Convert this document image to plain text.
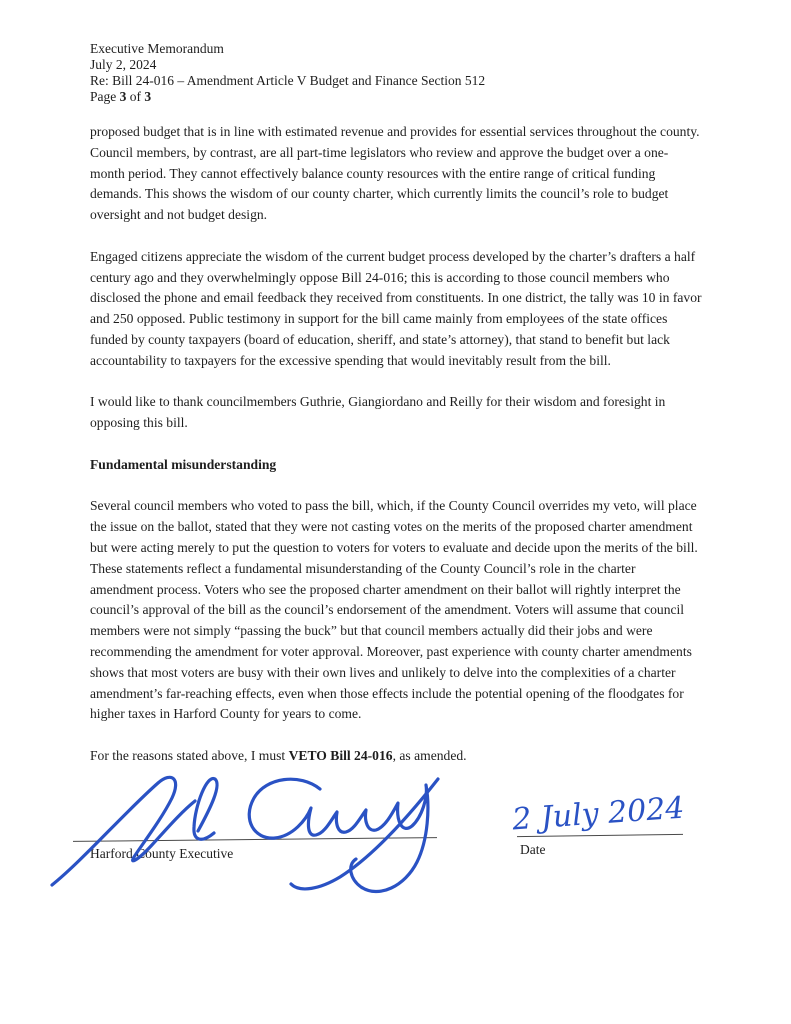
Executive Memorandum
July 2, 2024
Re: Bill 24-016 – Amendment Article V Budget and Finance Section 512
Page 3 of 3

proposed budget that is in line with estimated revenue and provides for essential services throughout the county.

Council members, by contrast, are all part-time legislators who review and approve the budget over a one-month period. They cannot effectively balance county resources with the entire range of critical funding demands. This shows the wisdom of our county charter, which currently limits the council’s role to budget oversight and not budget design.

Engaged citizens appreciate the wisdom of the current budget process developed by the charter’s drafters a half century ago and they overwhelmingly oppose Bill 24-016; this is according to those council members who disclosed the phone and email feedback they received from constituents. In one district, the tally was 10 in favor and 250 opposed. Public testimony in support for the bill came mainly from employees of the state offices funded by county taxpayers (board of education, sheriff, and state’s attorney), that stand to benefit but lack accountability to taxpayers for the excessive spending that would inevitably result from the bill.

I would like to thank councilmembers Guthrie, Giangiordano and Reilly for their wisdom and foresight in opposing this bill.

Fundamental misunderstanding

Several council members who voted to pass the bill, which, if the County Council overrides my veto, will place the issue on the ballot, stated that they were not casting votes on the merits of the proposed charter amendment but were acting merely to put the question to voters for voters to evaluate and decide upon the merits of the bill. These statements reflect a fundamental misunderstanding of the County Council’s role in the charter amendment process. Voters who see the proposed charter amendment on their ballot will rightly interpret the council’s approval of the bill as the council’s endorsement of the amendment. Voters will assume that council members were not simply “passing the buck” but that council members actually did their jobs and were recommending the amendment for voter approval. Moreover, past experience with county charter amendments shows that most voters are busy with their own lives and unlikely to delve into the complexities of a charter amendment’s far-reaching effects, even when those effects include the potential opening of the floodgates for higher taxes in Harford County for years to come.

For the reasons stated above, I must VETO Bill 24-016, as amended.

Harford County Executive	Date
2 July 2024
